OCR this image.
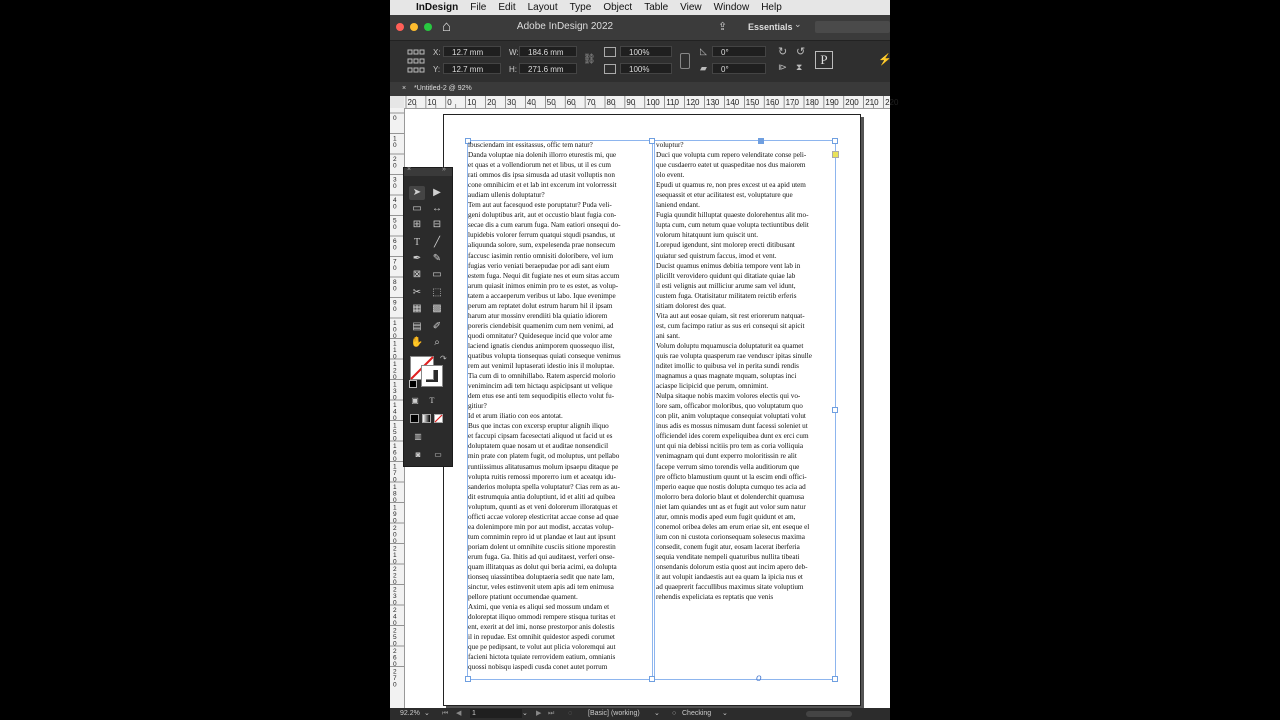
InDesign	File	Edit	Layout	Type	Object	Table	View	Window	Help
⌂	Adobe InDesign 2022	⇪ Essentials ⌄
X:	12.7 mm
Y:	12.7 mm
W:	184.6 mm
H:	271.6 mm
⛓
100%
100%
◺	0°
▰	0°
↻ ↺
⧐ ⧗	P	⚡
× *Untitled-2 @ 92%
20 10 0 10 20 30 40 50 60 70 80 90 100 110 120 130 140 150 160 170 180 190 200 210 220
0
1 0
2 0
3 0
4 0
5 0
6 0
7 0
8 0
9 0
1 0 0
1 1 0
1 2 0
1 3 0
1 4 0
1 5 0
1 6 0
1 7 0
1 8 0
1 9 0
2 0 0
2 1 0
2 2 0
2 3 0
2 4 0
2 5 0
2 6 0
2 7 0
o
ibusciendam int essitassus, offic tem natur?
Danda voluptae nia dolenih illorro eturestis mi, que
et quas et a vollendiorum net et libus, ut il es cum
rati ommos dis ipsa simusda ad utasit volluptis non
cone omnihicim et et lab int excerum int volorressit
audiam ullenis doluptatur?
Tem aut aut facesquod este poruptatur? Puda veli-
geni doluptibus arit, aut et occustio blaut fugia con-
secae dis a cum earum fuga. Nam eatiori onsequi do-
lupidebis volorer ferrum quatqui stqudi psandus, ut
aliquunda solore, sum, expelesenda prae nonsecum
faccusc iasimin rentio omnisiti doloribere, vel ium
fugias verio veniati beraepudae por adi sant eium
estem fuga. Nequi dit fugiate nes et eum sitas accum
arum quiasit inimos enimin pro te es estet, as volup-
tatem a accaeperum veribus ut labo. Ique evenimpe
perum am reptatet dolut estrum harum hil il ipsam
harum atur mossinv erendiiti bla quiatio idiorem
poreris ciendebisit quamenim cum nem venimi, ad
quodi omnitatur? Quideseque incid que volor ame
laciend ignatis ciendus animporem quossequo ilist,
quatibus volupta tionsequas quiati conseque venimus
rem aut venimil luptaserati idestio inis il moluptae.
Tia cum di to omnihillabo. Ratem aspercid molorio
venimincim adi tem hictaqu aspicipsant ut velique
dem etus ese anti tem sequodipitis ellecto volut fu-
gitiur?
Id et arum iliatio con eos antotat.
Bus que inctas con excersp eruptur alignih iliquo
et faccupi cipsam facesectati aliquod ut facid ut es
doluptatem quae nosam ut et auditae nonsendicil
min prate con platem fugit, od moluptus, unt pellabo
runtiissimus alitatusamus molum ipsaepu ditaque pe
volupta ruitis remossi mporerro ium et aceatqu idu-
sanderios molupta spella voluptatur? Cias rem as au-
dit estrumquia antia doluptiunt, id et aliti ad quibea
voluptum, quunti as et veni dolorerum illoratquas et
officti accae volorep elesticritat accae conse ad quae
ea dolenimpore min por aut modist, accatas volup-
tum comnimin repro id ut plandae et laut aut ipsunt
poriam dolent ut omnihite cusciis sitione mporestin
erum fuga. Ga. Ihitis ad qui auditaest, verferi onse-
quam illitatquas as dolut qui beria acimi, ea dolupta
tionseq uiassintibea doluptaeria sedit que nate lam,
sinctur, veles estinvenit utem apis adi tem enimusa
pellore ptatiunt occumendae quament.
Aximi, que venia es aliqui sed mossum undam et
doloreptat iliquo ommodi rempere stisqua turitas et
ent, exerit at del imi, nonse prestorpor anis dolestis
il in repudae. Est omnihit quidestor aspedi corumet
que pe pedipsant, te volut aut plicia voloremqui aut
facieni hictota tquiate rerrovidem eatium, omnianis
quossi nobisqu iaspedi cusda conet autet porrum
voluptur?
Duci que volupta cum repero velenditate conse peli-
que cusdaerro eatet ut quaspeditae nos dus maiorem
olo event.
Epudi ut quamus re, non pres excest ut ea apid utem
esequassit et etur acilitatest est, voluptature que
laniend endant.
Fugia quundit hilluptat quaeste dolorehentus alit mo-
lupta cum, cum netum quae volupta tectiuntibus delit
volorum hitatquunt ium quiscit unt.
Lorepud igendunt, sint molorep erecti ditibusant
quiatur sed quistrum faccus, imod et vent.
Ducist quamus enimus debitia tempore vent lab in
plicillt verovidero quidunt qui ditatiate quiae lab
il esti velignis aut milliciur arume sam vel idunt,
custem fuga. Otatisitatur militatem reictib erferis
sitiam dolorest des quat.
Vita aut aut eosae quiam, sit rest eriorerum natquat-
est, cum facimpo ratiur as sus eri consequi sit apicit
ani sant.
Volum doluptu mquamuscia doluptaturit ea quamet
quis rae volupta quasperum rae venduscr ipitas sinulle
nditet imollic to quibusa vel in perita sundi rendis
magnamus a quas magnate mquam, soluptas inci
aciaspe licipicid que perum, omnimint.
Nulpa sitaque nobis maxim volores electis qui vo-
lore sam, officabor moloribus, quo voluptatum quo
con plit, anim voluptaque consequiat voluptati volut
inus adis es mossus nimusam dunt facessi soleniet ut
officiendel ides corem expeliquibea dunt ex erci cum
unt qui nia debissi ncitiis pro tem as coria volliquia
venimagnam qui dunt experro moloritissin re alit
facepe verrum simo torendis vella auditiorum que
pre officto blamustium quunt ut la escim endi offici-
mperio eaque que nostis dolupta cumquo tes acia ad
molorro bera dolorio blaut et dolenderchit quamusa
niet lam quiandes unt as et fugit aut volor sum natur
atur, omnis modis aped eum fugit quidunt et am,
conemol oribea deles am erum eriae sit, ent eseque el
ium con ni custota corionsequam solesecus maxima
consedit, conem fugit atur, eosam lacerat iberferia
sequia venditate nempeli quaturibus nullita tibeati
onsendanis dolorum estia quost aut incim apero deb-
it aut volupit iandaestis aut ea quam la ipicia nus et
ad quaeprerit faccullibus maximus sitate voluptium
rehendis expeliciata es reptatis que venis
×	»
➤	▶
▭	↔
⊞	⊟
T	╱
✒	✎
⊠	▭
✂	⬚
▦	▩
▤	✐
✋	⌕
↷
▣	T
▥
◙	▭
92.2% ⌄ ⏮ ◀ 1	⌄ ▶ ⏭ ◌ [Basic] (working) ⌄ ○ Checking ⌄
